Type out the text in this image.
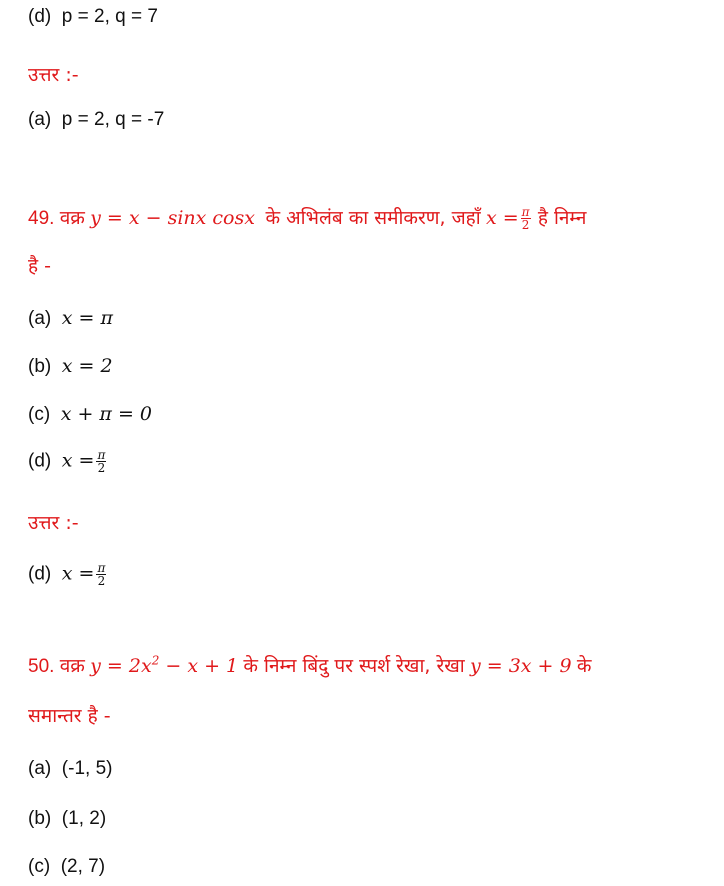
(d) p = 2, q = 7
उत्तर :-
(a) p = 2, q = -7
49. वक्र y = x − sinx cosx के अभिलंब का समीकरण, जहाँ $x = \frac{\pi}{2}$ है निम्न
है -
(a) x = π
(b) x = 2
(c) x + π = 0
(d) $x = \frac{\pi}{2}$
उत्तर :-
(d) $x = \frac{\pi}{2}$
50. वक्र $y = 2x^2 - x + 1$ के निम्न बिंदु पर स्पर्श रेखा, रेखा y = 3x + 9 के
समान्तर है -
(a) (-1, 5)
(b) (1, 2)
(c) (2, 7)
